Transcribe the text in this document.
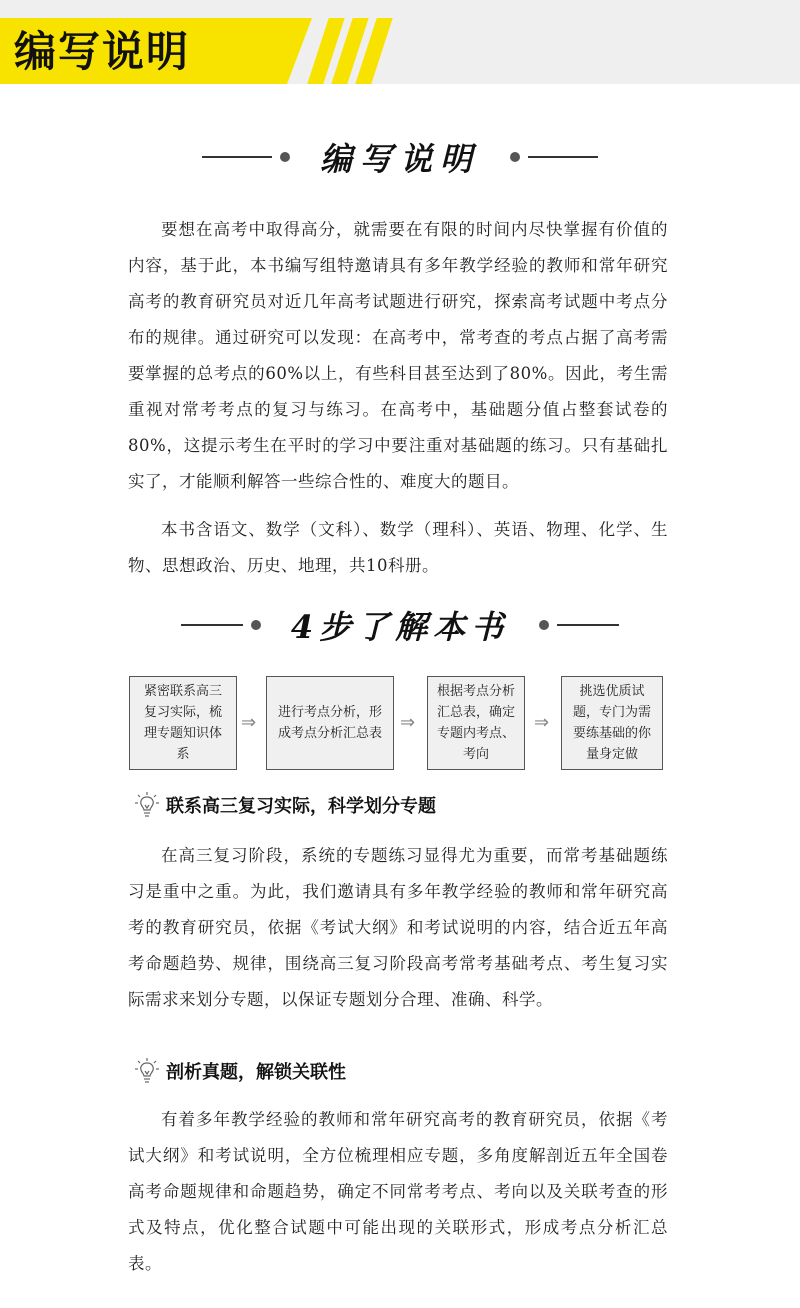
编写说明
编写说明
要想在高考中取得高分，就需要在有限的时间内尽快掌握有价值的内容，基于此，本书编写组特邀请具有多年教学经验的教师和常年研究高考的教育研究员对近几年高考试题进行研究，探索高考试题中考点分布的规律。通过研究可以发现：在高考中，常考查的考点占据了高考需要掌握的总考点的60%以上，有些科目甚至达到了80%。因此，考生需重视对常考考点的复习与练习。在高考中，基础题分值占整套试卷的80%，这提示考生在平时的学习中要注重对基础题的练习。只有基础扎实了，才能顺利解答一些综合性的、难度大的题目。
本书含语文、数学（文科）、数学（理科）、英语、物理、化学、生物、思想政治、历史、地理，共10科册。
4步了解本书
紧密联系高三复习实际，梳理专题知识体系
⇒	进行考点分析，形成考点分析汇总表
⇒
根据考点分析汇总表，确定专题内考点、考向
⇒
挑选优质试题，专门为需要练基础的你量身定做
联系高三复习实际，科学划分专题
在高三复习阶段，系统的专题练习显得尤为重要，而常考基础题练习是重中之重。为此，我们邀请具有多年教学经验的教师和常年研究高考的教育研究员，依据《考试大纲》和考试说明的内容，结合近五年高考命题趋势、规律，围绕高三复习阶段高考常考基础考点、考生复习实际需求来划分专题，以保证专题划分合理、准确、科学。
剖析真题，解锁关联性
有着多年教学经验的教师和常年研究高考的教育研究员，依据《考试大纲》和考试说明，全方位梳理相应专题，多角度解剖近五年全国卷高考命题规律和命题趋势，确定不同常考考点、考向以及关联考查的形式及特点，优化整合试题中可能出现的关联形式，形成考点分析汇总表。
